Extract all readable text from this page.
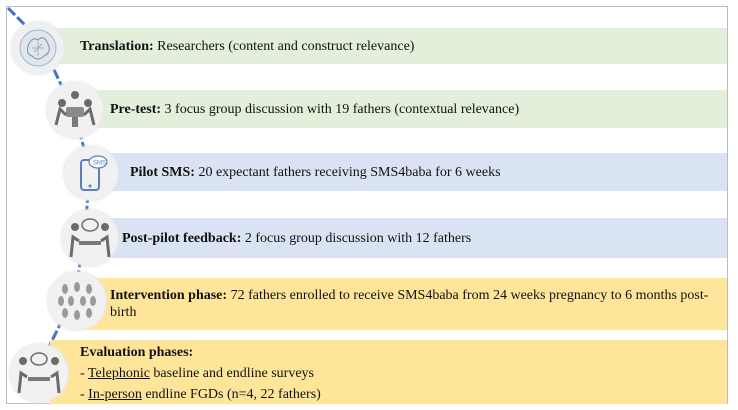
Translation: Researchers (content and construct relevance)
Pre-test: 3 focus group discussion with 19 fathers (contextual relevance)
Pilot SMS: 20 expectant fathers receiving SMS4baba for 6 weeks
SMS
Post-pilot feedback: 2 focus group discussion with 12 fathers
Intervention phase: 72 fathers enrolled to receive SMS4baba from 24 weeks pregnancy to 6 months post-birth
Evaluation phases:
- Telephonic baseline and endline surveys
- In-person endline FGDs (n=4, 22 fathers)
